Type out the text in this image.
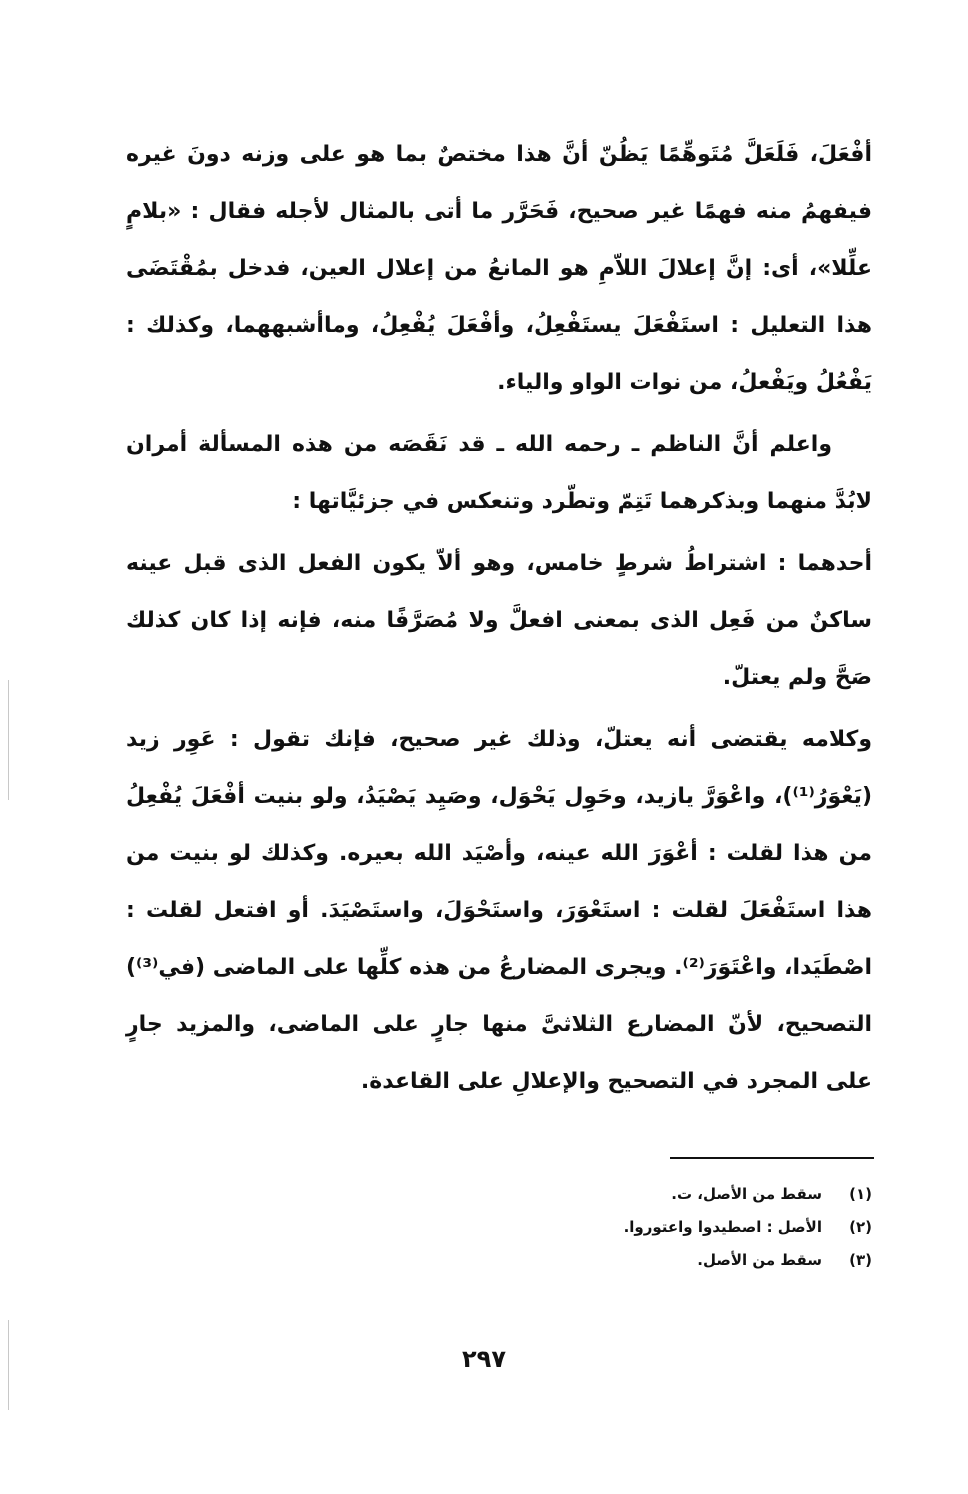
أفْعَلَ، فَلَعَلَّ مُتَوهِّمًا يَظُنّ أنَّ هذا مختصٌ بما هو على وزنه دونَ غيره فيفهمُ منه فهمًا غير صحيح، فَحَرَّر ما أتى بالمثال لأجله فقال : «بلامٍ علِّلا»، أى: إنَّ إعلالَ اللاّمِ هو المانعُ من إعلال العين، فدخل بمُقْتَضَى هذا التعليل : استَفْعَلَ يستَفْعِلُ، وأفْعَلَ يُفْعِلُ، وماأشبههما، وكذلك : يَفْعُلُ ويَفْعلُ، من نوات الواو والياء.

واعلم أنَّ الناظم ـ رحمه الله ـ قد نَقَصَه من هذه المسألة أمران لابُدَّ منهما وبذكرهما تَتِمّ وتطّرد وتنعكس في جزئيَّاتها :

أحدهما : اشتراطُ شرطٍ خامس، وهو ألاّ يكون الفعل الذى قبل عينه ساكنٌ من فَعِل الذى بمعنى افعلَّ ولا مُصَرَّفًا منه، فإنه إذا كان كذلك صَحَّ ولم يعتلّ.

وكلامه يقتضى أنه يعتلّ، وذلك غير صحيح، فإنك تقول : عَوِر زيد (يَعْوَرُ⁽¹⁾)، واعْوَرَّ يازيد، وحَوِل يَحْوَل، وصَيِد يَصْيَدُ، ولو بنيت أفْعَلَ يُفْعِلُ من هذا لقلت : أعْوَرَ الله عينه، وأصْيَد الله بعيره. وكذلك لو بنيت من هذا استَفْعَلَ لقلت : استَعْوَرَ، واستَحْوَلَ، واستَصْيَدَ. أو افتعل لقلت : اصْطَيَدا، واعْتَوَرَ⁽²⁾. ويجرى المضارعُ من هذه كلِّها على الماضى (في⁽³⁾) التصحيح، لأنّ المضارع الثلاثىَّ منها جارٍ على الماضى، والمزيد جارٍ على المجرد في التصحيح والإعلالِ على القاعدة.

(١)
سقط من الأصل، ت.
(٢)
الأصل : اصطيدوا واعتوروا.
(٣)
سقط من الأصل.
٢٩٧
